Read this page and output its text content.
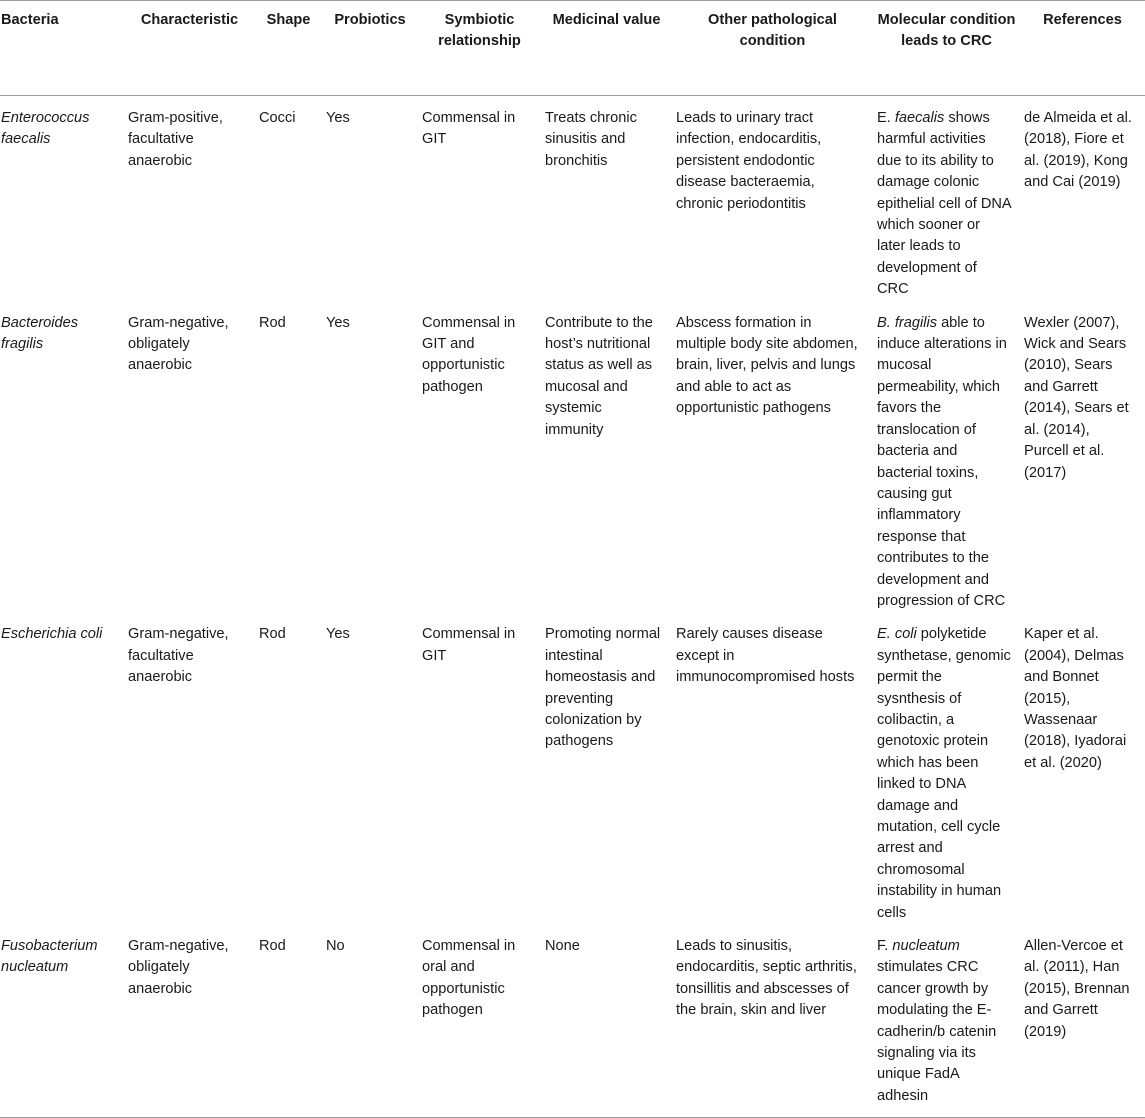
Bacteria	Characteristic	Shape	Probiotics	Symbiotic relationship	Medicinal value	Other pathological condition	Molecular condition leads to CRC	References
Enterococcus faecalis	Gram-positive, facultative anaerobic	Cocci	Yes	Commensal in GIT	Treats chronic sinusitis and bronchitis	Leads to urinary tract infection, endocarditis, persistent endodontic disease bacteraemia, chronic periodontitis	E. faecalis shows harmful activities due to its ability to damage colonic epithelial cell of DNA which sooner or later leads to development of CRC	de Almeida et al. (2018), Fiore et al. (2019), Kong and Cai (2019)
Bacteroides fragilis	Gram-negative, obligately anaerobic	Rod	Yes	Commensal in GIT and opportunistic pathogen	Contribute to the host’s nutritional status as well as mucosal and systemic immunity	Abscess formation in multiple body site abdomen, brain, liver, pelvis and lungs and able to act as opportunistic pathogens	B. fragilis able to induce alterations in mucosal permeability, which favors the translocation of bacteria and bacterial toxins, causing gut inflammatory response that contributes to the development and progression of CRC	Wexler (2007), Wick and Sears (2010), Sears and Garrett (2014), Sears et al. (2014), Purcell et al. (2017)
Escherichia coli	Gram-negative, facultative anaerobic	Rod	Yes	Commensal in GIT	Promoting normal intestinal homeostasis and preventing colonization by pathogens	Rarely causes disease except in immunocompromised hosts	E. coli polyketide synthetase, genomic permit the sysnthesis of colibactin, a genotoxic protein which has been linked to DNA damage and mutation, cell cycle arrest and chromosomal instability in human cells	Kaper et al. (2004), Delmas and Bonnet (2015), Wassenaar (2018), Iyadorai et al. (2020)
Fusobacterium nucleatum	Gram-negative, obligately anaerobic	Rod	No	Commensal in oral and opportunistic pathogen	None	Leads to sinusitis, endocarditis, septic arthritis, tonsillitis and abscesses of the brain, skin and liver	F. nucleatum stimulates CRC cancer growth by modulating the E-cadherin/b catenin signaling via its unique FadA adhesin	Allen-Vercoe et al. (2011), Han (2015), Brennan and Garrett (2019)
